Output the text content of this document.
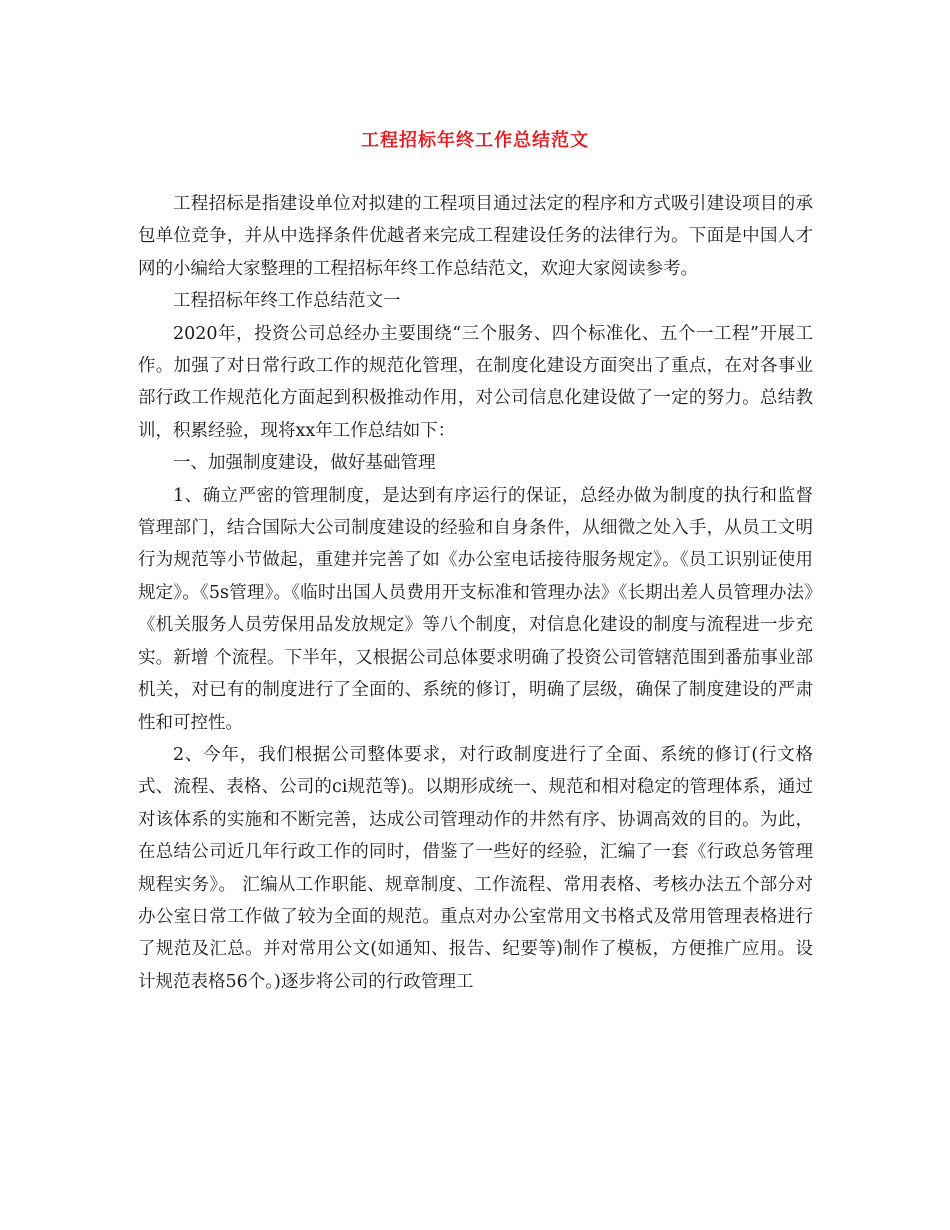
工程招标年终工作总结范文

工程招标是指建设单位对拟建的工程项目通过法定的程序和方式吸引建设项目的承包单位竞争，并从中选择条件优越者来完成工程建设任务的法律行为。下面是中国人才网的小编给大家整理的工程招标年终工作总结范文，欢迎大家阅读参考。

工程招标年终工作总结范文一

2020年，投资公司总经办主要围绕“三个服务、四个标准化、五个一工程”开展工作。加强了对日常行政工作的规范化管理，在制度化建设方面突出了重点，在对各事业部行政工作规范化方面起到积极推动作用，对公司信息化建设做了一定的努力。总结教训，积累经验，现将xx年工作总结如下：

一、加强制度建设，做好基础管理

1、确立严密的管理制度，是达到有序运行的保证，总经办做为制度的执行和监督管理部门，结合国际大公司制度建设的经验和自身条件，从细微之处入手，从员工文明行为规范等小节做起，重建并完善了如《办公室电话接待服务规定》。《员工识别证使用规定》。《5s管理》。《临时出国人员费用开支标准和管理办法》《长期出差人员管理办法》《机关服务人员劳保用品发放规定》等八个制度，对信息化建设的制度与流程进一步充实。新增 个流程。下半年，又根据公司总体要求明确了投资公司管辖范围到番茄事业部机关，对已有的制度进行了全面的、系统的修订，明确了层级，确保了制度建设的严肃性和可控性。

2、今年，我们根据公司整体要求，对行政制度进行了全面、系统的修订(行文格式、流程、表格、公司的ci规范等)。以期形成统一、规范和相对稳定的管理体系，通过对该体系的实施和不断完善，达成公司管理动作的井然有序、协调高效的目的。为此，在总结公司近几年行政工作的同时，借鉴了一些好的经验，汇编了一套《行政总务管理规程实务》。 汇编从工作职能、规章制度、工作流程、常用表格、考核办法五个部分对办公室日常工作做了较为全面的规范。重点对办公室常用文书格式及常用管理表格进行了规范及汇总。并对常用公文(如通知、报告、纪要等)制作了模板，方便推广应用。设计规范表格56个。)逐步将公司的行政管理工
